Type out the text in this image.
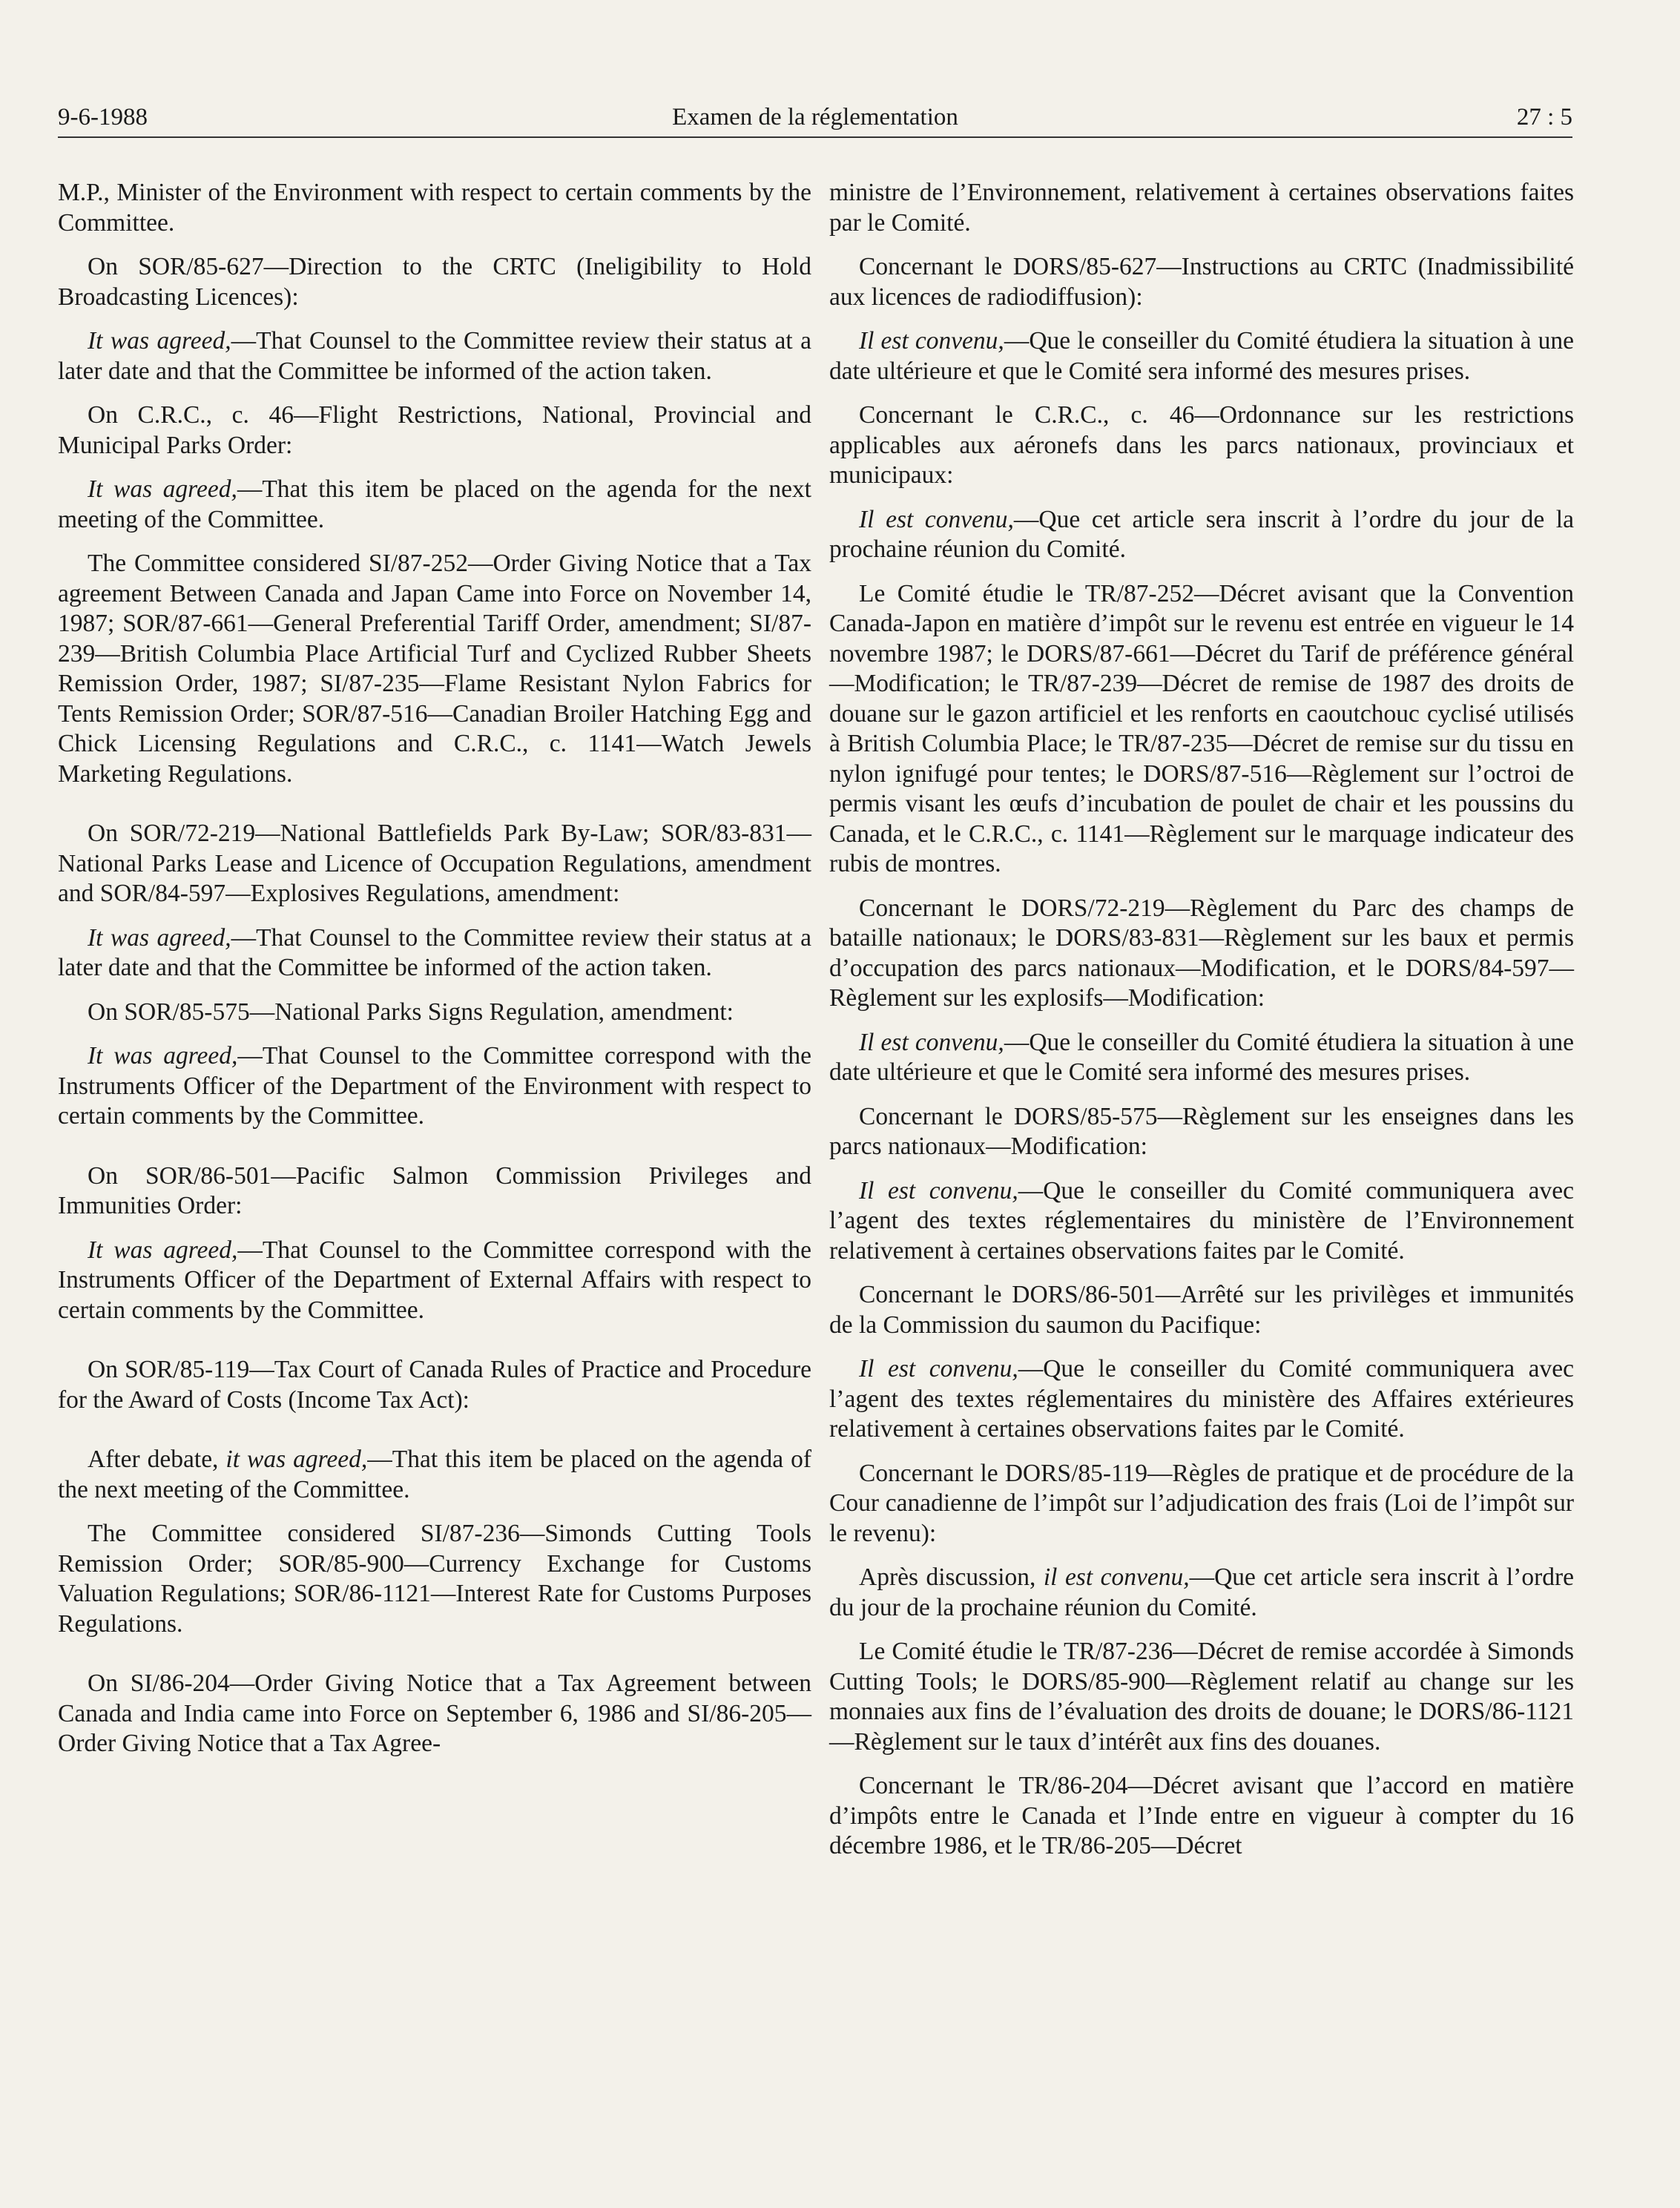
9-6-1988	Examen de la réglementation	27 : 5

M.P., Minister of the Environment with respect to certain comments by the Committee.

On SOR/85-627—Direction to the CRTC (Ineligibility to Hold Broadcasting Licences):

It was agreed,—That Counsel to the Committee review their status at a later date and that the Committee be informed of the action taken.

On C.R.C., c. 46—Flight Restrictions, National, Provincial and Municipal Parks Order:

It was agreed,—That this item be placed on the agenda for the next meeting of the Committee.

The Committee considered SI/87-252—Order Giving Notice that a Tax agreement Between Canada and Japan Came into Force on November 14, 1987; SOR/87-661—General Preferential Tariff Order, amendment; SI/87-239—British Columbia Place Artificial Turf and Cyclized Rubber Sheets Remission Order, 1987; SI/87-235—Flame Resistant Nylon Fabrics for Tents Remission Order; SOR/87-516—Canadian Broiler Hatching Egg and Chick Licensing Regulations and C.R.C., c. 1141—Watch Jewels Marketing Regulations.

On SOR/72-219—National Battlefields Park By-Law; SOR/83-831—National Parks Lease and Licence of Occupation Regulations, amendment and SOR/84-597—Explosives Regulations, amendment:

It was agreed,—That Counsel to the Committee review their status at a later date and that the Committee be informed of the action taken.

On SOR/85-575—National Parks Signs Regulation, amendment:

It was agreed,—That Counsel to the Committee correspond with the Instruments Officer of the Department of the Environment with respect to certain comments by the Committee.

On SOR/86-501—Pacific Salmon Commission Privileges and Immunities Order:

It was agreed,—That Counsel to the Committee correspond with the Instruments Officer of the Department of External Affairs with respect to certain comments by the Committee.

On SOR/85-119—Tax Court of Canada Rules of Practice and Procedure for the Award of Costs (Income Tax Act):

After debate, it was agreed,—That this item be placed on the agenda of the next meeting of the Committee.

The Committee considered SI/87-236—Simonds Cutting Tools Remission Order; SOR/85-900—Currency Exchange for Customs Valuation Regulations; SOR/86-1121—Interest Rate for Customs Purposes Regulations.

On SI/86-204—Order Giving Notice that a Tax Agreement between Canada and India came into Force on September 6, 1986 and SI/86-205—Order Giving Notice that a Tax Agree-

ministre de l’Environnement, relativement à certaines observations faites par le Comité.

Concernant le DORS/85-627—Instructions au CRTC (Inadmissibilité aux licences de radiodiffusion):

Il est convenu,—Que le conseiller du Comité étudiera la situation à une date ultérieure et que le Comité sera informé des mesures prises.

Concernant le C.R.C., c. 46—Ordonnance sur les restrictions applicables aux aéronefs dans les parcs nationaux, provinciaux et municipaux:

Il est convenu,—Que cet article sera inscrit à l’ordre du jour de la prochaine réunion du Comité.

Le Comité étudie le TR/87-252—Décret avisant que la Convention Canada-Japon en matière d’impôt sur le revenu est entrée en vigueur le 14 novembre 1987; le DORS/87-661—Décret du Tarif de préférence général—Modification; le TR/87-239—Décret de remise de 1987 des droits de douane sur le gazon artificiel et les renforts en caoutchouc cyclisé utilisés à British Columbia Place; le TR/87-235—Décret de remise sur du tissu en nylon ignifugé pour tentes; le DORS/87-516—Règlement sur l’octroi de permis visant les œufs d’incubation de poulet de chair et les poussins du Canada, et le C.R.C., c. 1141—Règlement sur le marquage indicateur des rubis de montres.

Concernant le DORS/72-219—Règlement du Parc des champs de bataille nationaux; le DORS/83-831—Règlement sur les baux et permis d’occupation des parcs nationaux—Modification, et le DORS/84-597—Règlement sur les explosifs—Modification:

Il est convenu,—Que le conseiller du Comité étudiera la situation à une date ultérieure et que le Comité sera informé des mesures prises.

Concernant le DORS/85-575—Règlement sur les enseignes dans les parcs nationaux—Modification:

Il est convenu,—Que le conseiller du Comité communiquera avec l’agent des textes réglementaires du ministère de l’Environnement relativement à certaines observations faites par le Comité.

Concernant le DORS/86-501—Arrêté sur les privilèges et immunités de la Commission du saumon du Pacifique:

Il est convenu,—Que le conseiller du Comité communiquera avec l’agent des textes réglementaires du ministère des Affaires extérieures relativement à certaines observations faites par le Comité.

Concernant le DORS/85-119—Règles de pratique et de procédure de la Cour canadienne de l’impôt sur l’adjudication des frais (Loi de l’impôt sur le revenu):

Après discussion, il est convenu,—Que cet article sera inscrit à l’ordre du jour de la prochaine réunion du Comité.

Le Comité étudie le TR/87-236—Décret de remise accordée à Simonds Cutting Tools; le DORS/85-900—Règlement relatif au change sur les monnaies aux fins de l’évaluation des droits de douane; le DORS/86-1121—Règlement sur le taux d’intérêt aux fins des douanes.

Concernant le TR/86-204—Décret avisant que l’accord en matière d’impôts entre le Canada et l’Inde entre en vigueur à compter du 16 décembre 1986, et le TR/86-205—Décret
